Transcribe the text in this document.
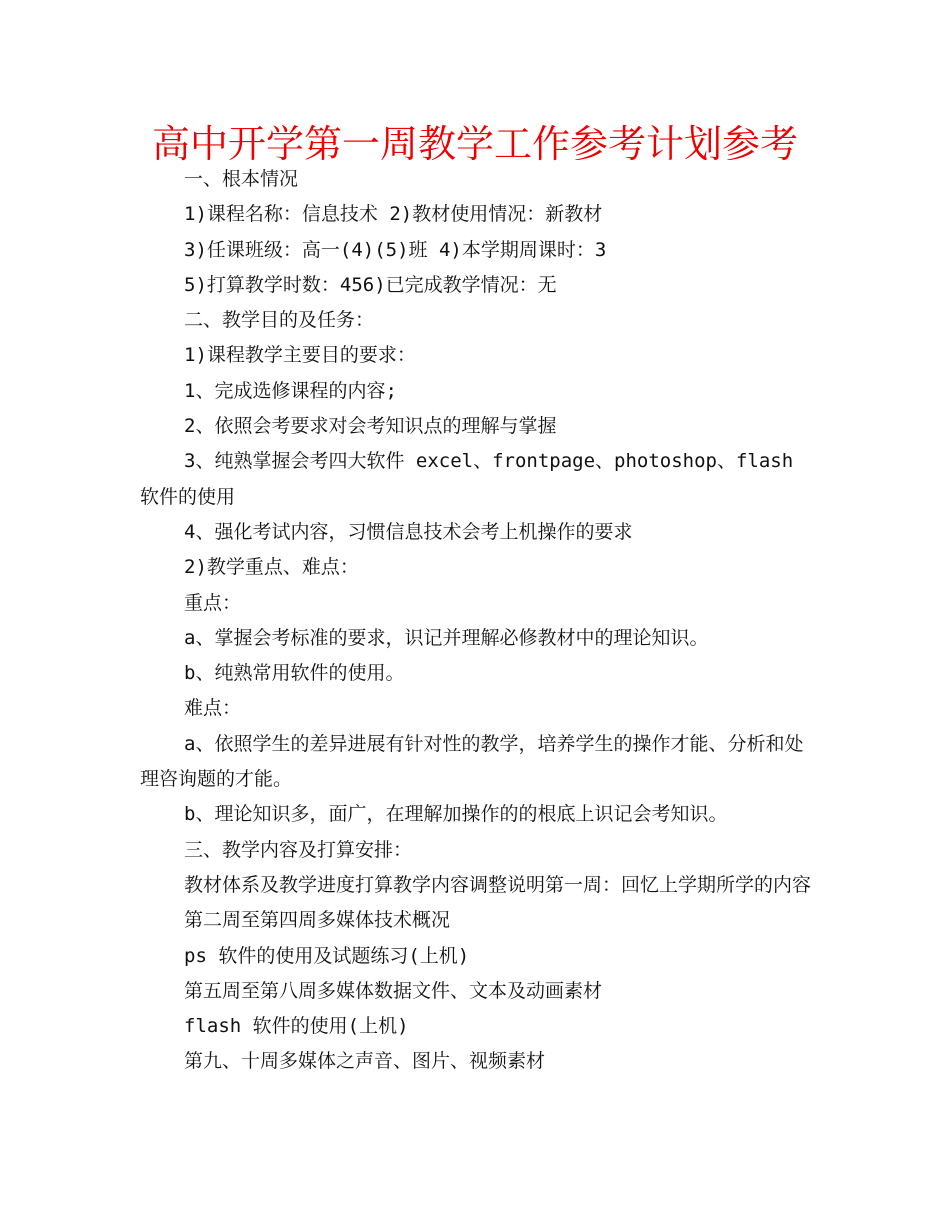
高中开学第一周教学工作参考计划参考

一、根本情况

1)课程名称：信息技术 2)教材使用情况：新教材

3)任课班级：高一(4)(5)班 4)本学期周课时：3

5)打算教学时数：456)已完成教学情况：无

二、教学目的及任务：

1)课程教学主要目的要求：

1、完成选修课程的内容;

2、依照会考要求对会考知识点的理解与掌握

3、纯熟掌握会考四大软件 excel、frontpage、photoshop、flash 软件的使用

4、强化考试内容，习惯信息技术会考上机操作的要求

2)教学重点、难点：

重点：

a、掌握会考标准的要求，识记并理解必修教材中的理论知识。

b、纯熟常用软件的使用。

难点：

a、依照学生的差异进展有针对性的教学，培养学生的操作才能、分析和处理咨询题的才能。

b、理论知识多，面广，在理解加操作的的根底上识记会考知识。

三、教学内容及打算安排：

教材体系及教学进度打算教学内容调整说明第一周：回忆上学期所学的内容

第二周至第四周多媒体技术概况

ps 软件的使用及试题练习(上机)

第五周至第八周多媒体数据文件、文本及动画素材

flash 软件的使用(上机)

第九、十周多媒体之声音、图片、视频素材
